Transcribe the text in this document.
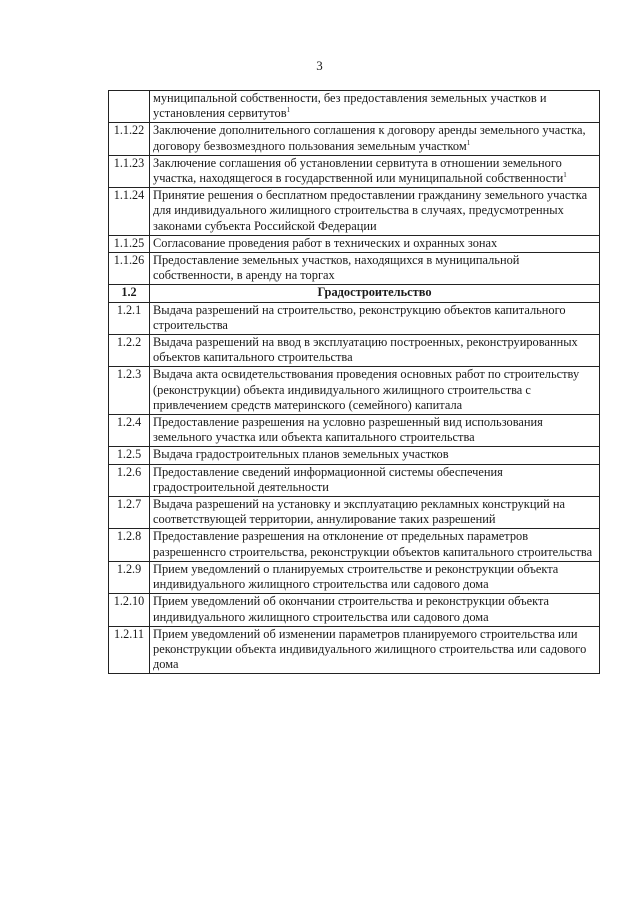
3
	муниципальной собственности, без предоставления земельных участков и установления сервитутов$^1$
1.1.22	Заключение дополнительного соглашения к договору аренды земельного участка, договору безвозмездного пользования земельным участком$^1$
1.1.23	Заключение соглашения об установлении сервитута в отношении земельного участка, находящегося в государственной или муниципальной собственности$^1$
1.1.24	Принятие решения о бесплатном предоставлении гражданину земельного участка для индивидуального жилищного строительства в случаях, предусмотренных законами субъекта Российской Федерации
1.1.25	Согласование проведения работ в технических и охранных зонах
1.1.26	Предоставление земельных участков, находящихся в муниципальной собственности, в аренду на торгах
1.2	Градостроительство
1.2.1	Выдача разрешений на строительство, реконструкцию объектов капитального строительства
1.2.2	Выдача разрешений на ввод в эксплуатацию построенных, реконструированных объектов капитального строительства
1.2.3	Выдача акта освидетельствования проведения основных работ по строительству (реконструкции) объекта индивидуального жилищного строительства с привлечением средств материнского (семейного) капитала
1.2.4	Предоставление разрешения на условно разрешенный вид использования земельного участка или объекта капитального строительства
1.2.5	Выдача градостроительных планов земельных участков
1.2.6	Предоставление сведений информационной системы обеспечения градостроительной деятельности
1.2.7	Выдача разрешений на установку и эксплуатацию рекламных конструкций на соответствующей территории, аннулирование таких разрешений
1.2.8	Предоставление разрешения на отклонение от предельных параметров разрешеннсго строительства, реконструкции объектов капитального строительства
1.2.9	Прием уведомлений о планируемых строительстве и реконструкции объекта индивидуального жилищного строительства или садового дома
1.2.10	Прием уведомлений об окончании строительства и реконструкции объекта индивидуального жилищного строительства или садового дома
1.2.11	Прием уведомлений об изменении параметров планируемого строительства или реконструкции объекта индивидуального жилищного строительства или садового дома
